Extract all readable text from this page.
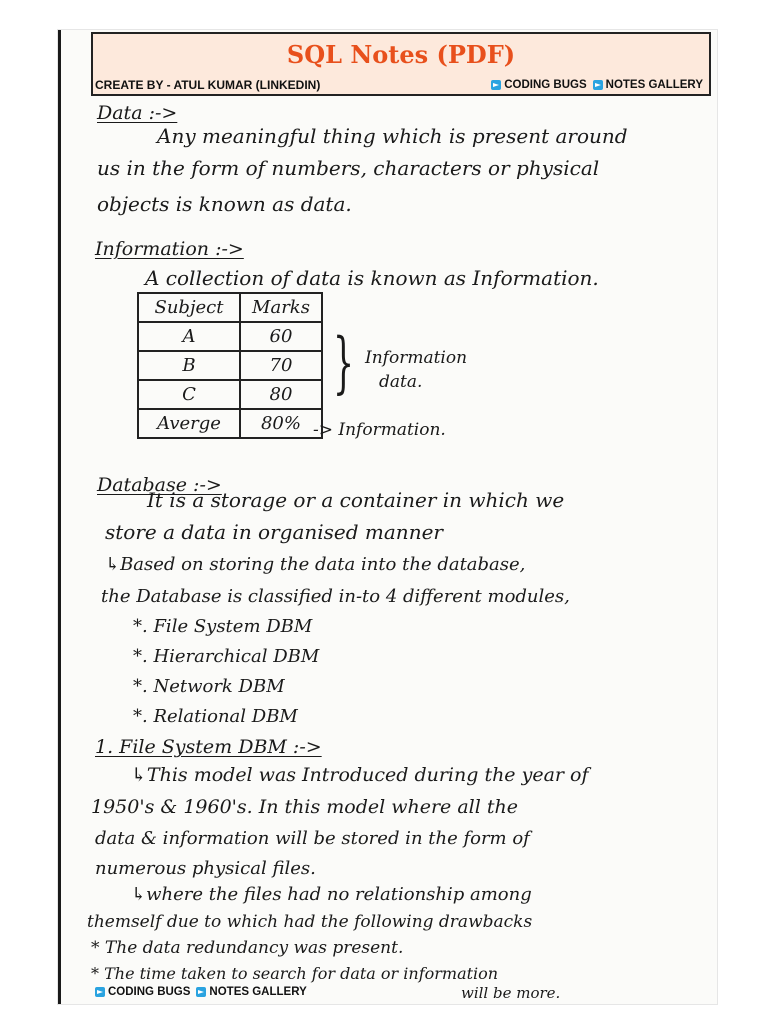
SQL Notes (PDF)
CREATE BY - ATUL KUMAR (LINKEDIN)	CODING BUGS NOTES GALLERY
Data :->
Any meaningful thing which is present around
us in the form of numbers, characters or physical
objects is known as data.
Information :->
A collection of data is known as Information.
Subject	Marks
A	60
B	70
C	80
Averge	80%
} Information
data.
-> Information.
Database :->
It is a storage or a container in which we
store a data in organised manner
↳Based on storing the data into the database,
the Database is classified in-to 4 different modules,
*. File System DBM
*. Hierarchical DBM
*. Network DBM
*. Relational DBM
1. File System DBM :->
↳This model was Introduced during the year of
1950's & 1960's. In this model where all the
data & information will be stored in the form of
numerous physical files.
↳where the files had no relationship among
themself due to which had the following drawbacks
* The data redundancy was present.
* The time taken to search for data or information
will be more.
CODING BUGS NOTES GALLERY
